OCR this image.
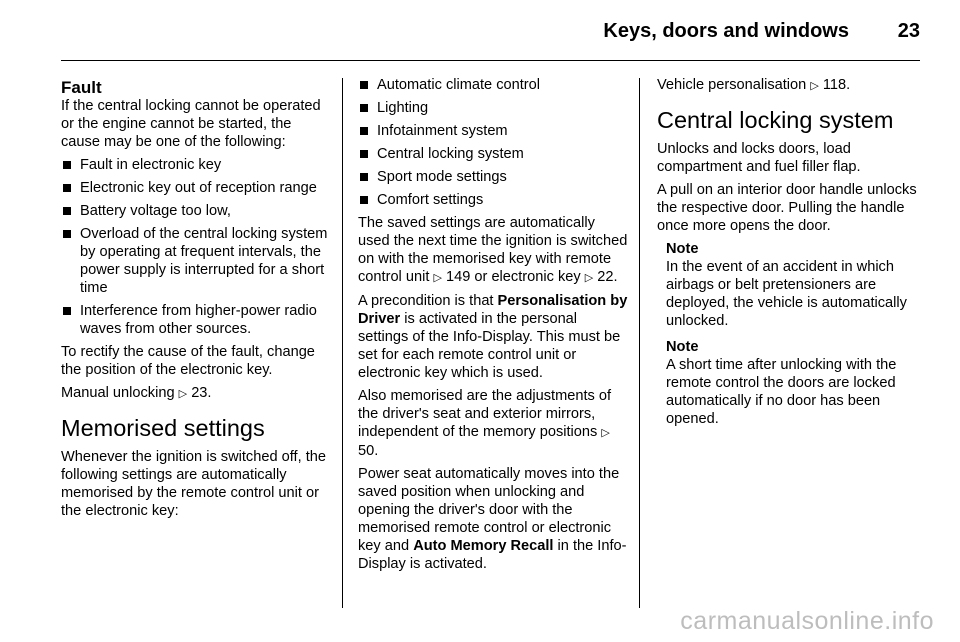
Keys, doors and windows 23
Fault

If the central locking cannot be operated or the engine cannot be started, the cause may be one of the following:

Fault in electronic key
Electronic key out of reception range
Battery voltage too low,
Overload of the central locking system by operating at frequent intervals, the power supply is interrupted for a short time
Interference from higher-power radio waves from other sources.

To rectify the cause of the fault, change the position of the electronic key.

Manual unlocking ▷ 23.

Memorised settings

Whenever the ignition is switched off, the following settings are automatically memorised by the remote control unit or the electronic key:

Automatic climate control
Lighting
Infotainment system
Central locking system
Sport mode settings
Comfort settings

The saved settings are automatically used the next time the ignition is switched on with the memorised key with remote control unit ▷ 149 or electronic key ▷ 22.

A precondition is that Personalisation by Driver is activated in the personal settings of the Info-Display. This must be set for each remote control unit or electronic key which is used.

Also memorised are the adjustments of the driver's seat and exterior mirrors, independent of the memory positions ▷ 50.

Power seat automatically moves into the saved position when unlocking and opening the driver's door with the memorised remote control or electronic key and Auto Memory Recall in the Info-Display is activated.

Vehicle personalisation ▷ 118.

Central locking system

Unlocks and locks doors, load compartment and fuel filler flap.

A pull on an interior door handle unlocks the respective door. Pulling the handle once more opens the door.

Note
In the event of an accident in which airbags or belt pretensioners are deployed, the vehicle is automatically unlocked.
Note
A short time after unlocking with the remote control the doors are locked automatically if no door has been opened.
carmanualsonline.info
